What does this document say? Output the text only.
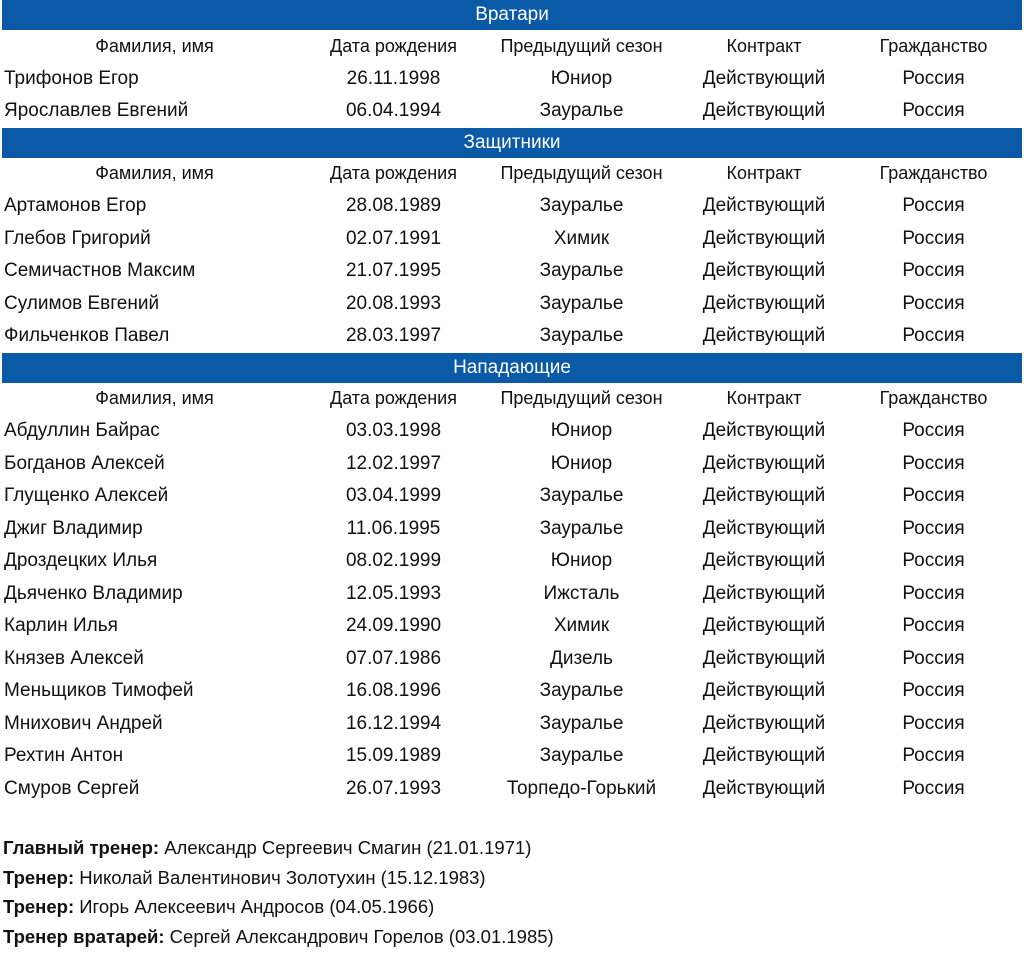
Вратари
Фамилия, имя	Дата рождения	Предыдущий сезон	Контракт	Гражданство
Трифонов Егор	26.11.1998	Юниор	Действующий	Россия
Ярославлев Евгений	06.04.1994	Зауралье	Действующий	Россия
Защитники
Фамилия, имя	Дата рождения	Предыдущий сезон	Контракт	Гражданство
Артамонов Егор	28.08.1989	Зауралье	Действующий	Россия
Глебов Григорий	02.07.1991	Химик	Действующий	Россия
Семичастнов Максим	21.07.1995	Зауралье	Действующий	Россия
Сулимов Евгений	20.08.1993	Зауралье	Действующий	Россия
Фильченков Павел	28.03.1997	Зауралье	Действующий	Россия
Нападающие
Фамилия, имя	Дата рождения	Предыдущий сезон	Контракт	Гражданство
Абдуллин Байрас	03.03.1998	Юниор	Действующий	Россия
Богданов Алексей	12.02.1997	Юниор	Действующий	Россия
Глущенко Алексей	03.04.1999	Зауралье	Действующий	Россия
Джиг Владимир	11.06.1995	Зауралье	Действующий	Россия
Дроздецких Илья	08.02.1999	Юниор	Действующий	Россия
Дьяченко Владимир	12.05.1993	Ижсталь	Действующий	Россия
Карлин Илья	24.09.1990	Химик	Действующий	Россия
Князев Алексей	07.07.1986	Дизель	Действующий	Россия
Меньщиков Тимофей	16.08.1996	Зауралье	Действующий	Россия
Мнихович Андрей	16.12.1994	Зауралье	Действующий	Россия
Рехтин Антон	15.09.1989	Зауралье	Действующий	Россия
Смуров Сергей	26.07.1993	Торпедо-Горький	Действующий	Россия
Главный тренер: Александр Сергеевич Смагин (21.01.1971)
Тренер: Николай Валентинович Золотухин (15.12.1983)
Тренер: Игорь Алексеевич Андросов (04.05.1966)
Тренер вратарей: Сергей Александрович Горелов (03.01.1985)
